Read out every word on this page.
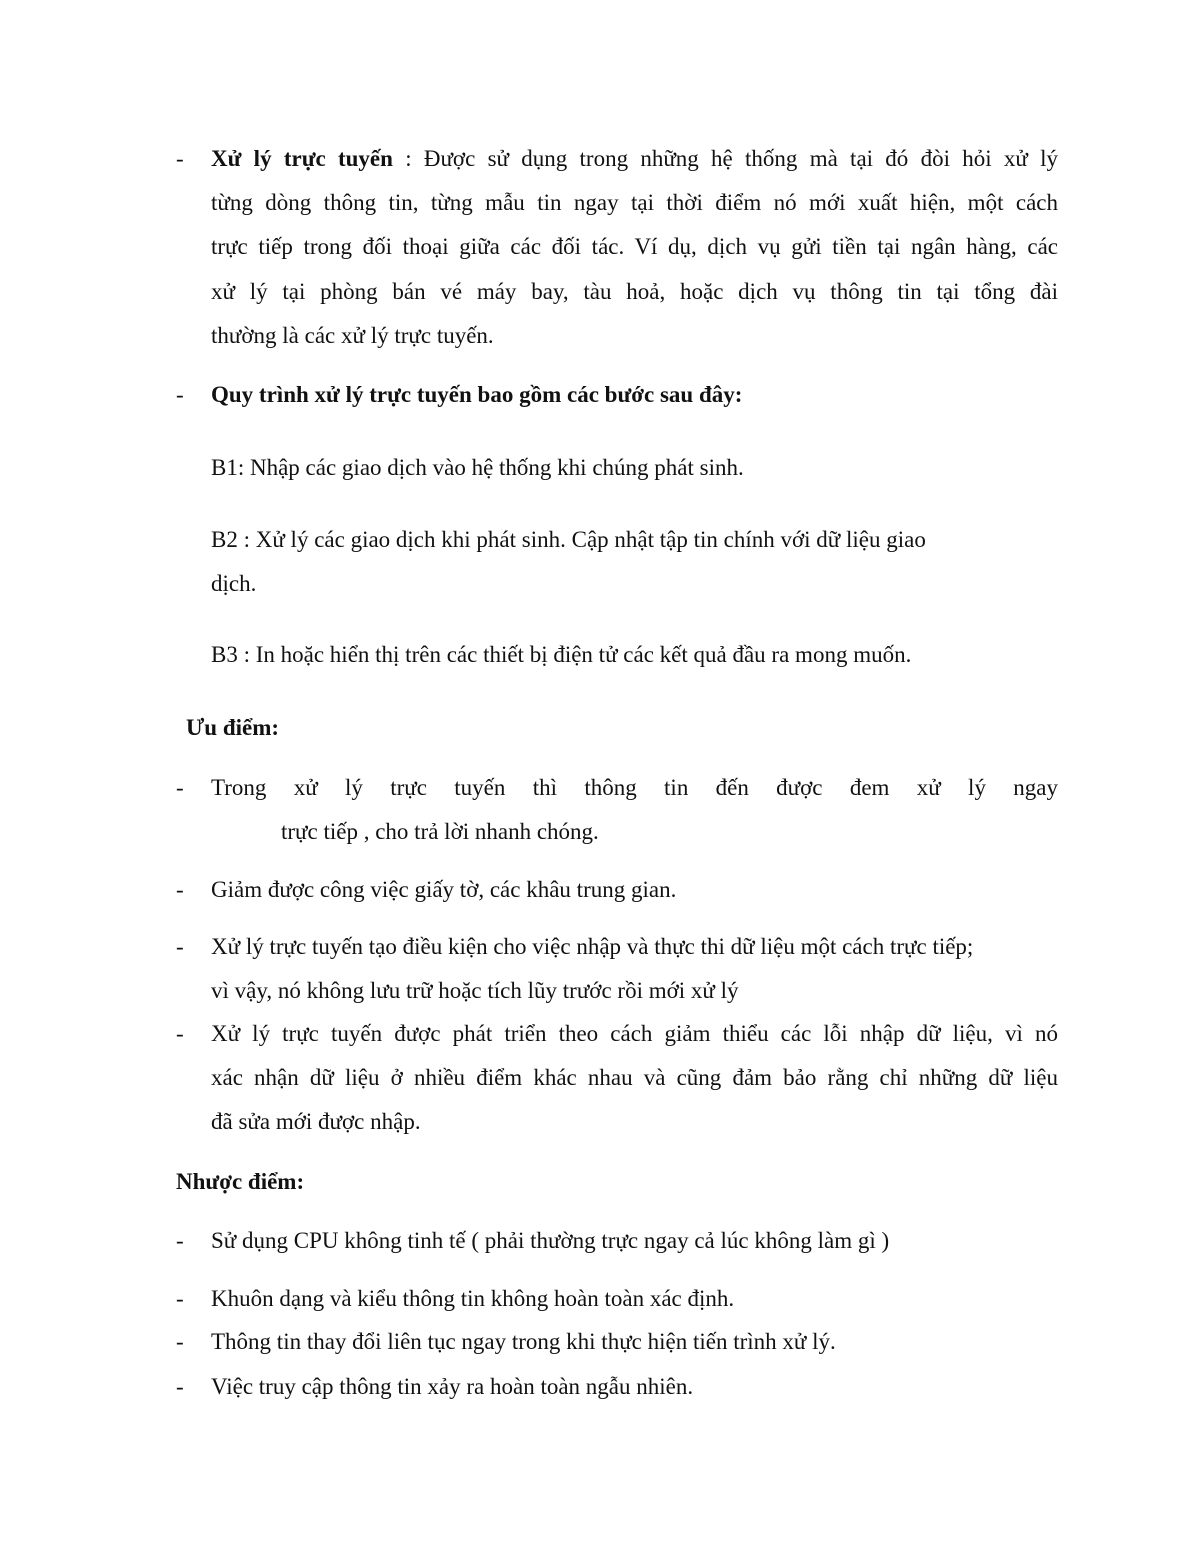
- Xử lý trực tuyến : Được sử dụng trong những hệ thống mà tại đó đòi hỏi xử lý
từng dòng thông tin, từng mẫu tin ngay tại thời điểm nó mới xuất hiện, một cách
trực tiếp trong đối thoại giữa các đối tác. Ví dụ, dịch vụ gửi tiền tại ngân hàng, các
xử lý tại phòng bán vé máy bay, tàu hoả, hoặc dịch vụ thông tin tại tổng đài
thường là các xử lý trực tuyến.
- Quy trình xử lý trực tuyến bao gồm các bước sau đây:
B1: Nhập các giao dịch vào hệ thống khi chúng phát sinh.
B2 : Xử lý các giao dịch khi phát sinh. Cập nhật tập tin chính với dữ liệu giao
dịch.
B3 : In hoặc hiển thị trên các thiết bị điện tử các kết quả đầu ra mong muốn.
Ưu điểm:
- Trong xử lý trực tuyến thì thông tin đến được đem xử lý ngay
trực tiếp , cho trả lời nhanh chóng.
- Giảm được công việc giấy tờ, các khâu trung gian.
- Xử lý trực tuyến tạo điều kiện cho việc nhập và thực thi dữ liệu một cách trực tiếp;
vì vậy, nó không lưu trữ hoặc tích lũy trước rồi mới xử lý
- Xử lý trực tuyến được phát triển theo cách giảm thiểu các lỗi nhập dữ liệu, vì nó
xác nhận dữ liệu ở nhiều điểm khác nhau và cũng đảm bảo rằng chỉ những dữ liệu
đã sửa mới được nhập.
Nhược điểm:
- Sử dụng CPU không tinh tế ( phải thường trực ngay cả lúc không làm gì )
- Khuôn dạng và kiểu thông tin không hoàn toàn xác định.
- Thông tin thay đổi liên tục ngay trong khi thực hiện tiến trình xử lý.
- Việc truy cập thông tin xảy ra hoàn toàn ngẫu nhiên.
